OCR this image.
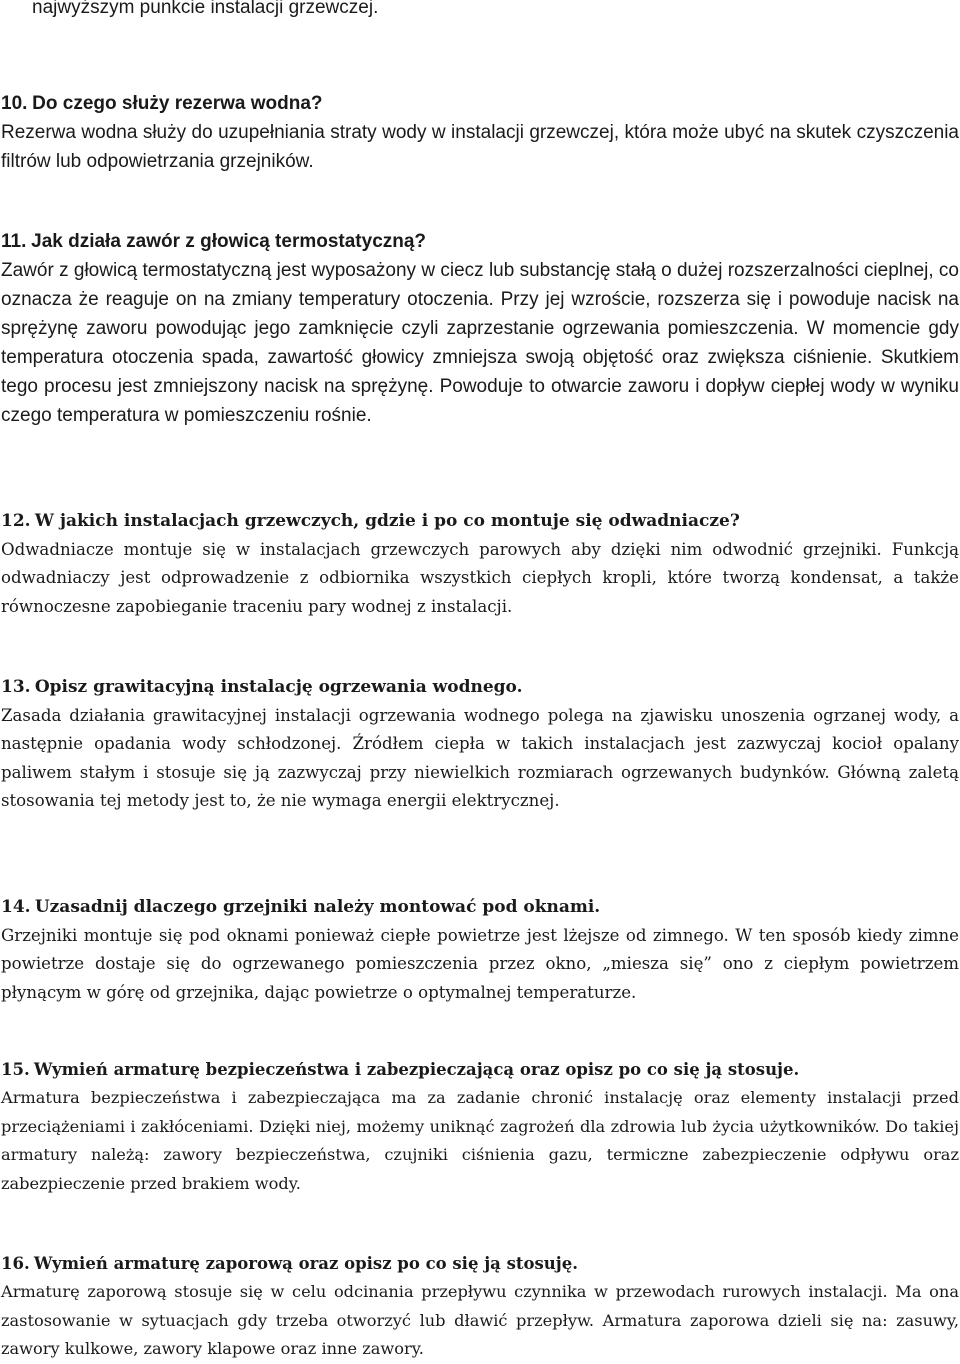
najwyższym punkcie instalacji grzewczej.

10. Do czego służy rezerwa wodna?

Rezerwa wodna służy do uzupełniania straty wody w instalacji grzewczej, która może ubyć na skutek czyszczenia filtrów lub odpowietrzania grzejników.

11. Jak działa zawór z głowicą termostatyczną?

Zawór z głowicą termostatyczną jest wyposażony w ciecz lub substancję stałą o dużej rozszerzalności cieplnej, co oznacza że reaguje on na zmiany temperatury otoczenia. Przy jej wzroście, rozszerza się i powoduje nacisk na sprężynę zaworu powodując jego zamknięcie czyli zaprzestanie ogrzewania pomieszczenia. W momencie gdy temperatura otoczenia spada, zawartość głowicy zmniejsza swoją objętość oraz zwiększa ciśnienie. Skutkiem tego procesu jest zmniejszony nacisk na sprężynę. Powoduje to otwarcie zaworu i dopływ ciepłej wody w wyniku czego temperatura w pomieszczeniu rośnie.

12. W jakich instalacjach grzewczych, gdzie i po co montuje się odwadniacze?

Odwadniacze montuje się w instalacjach grzewczych parowych aby dzięki nim odwodnić grzejniki. Funkcją odwadniaczy jest odprowadzenie z odbiornika wszystkich ciepłych kropli, które tworzą kondensat, a także równoczesne zapobieganie traceniu pary wodnej z instalacji.

13. Opisz grawitacyjną instalację ogrzewania wodnego.

Zasada działania grawitacyjnej instalacji ogrzewania wodnego polega na zjawisku unoszenia ogrzanej wody, a następnie opadania wody schłodzonej. Źródłem ciepła w takich instalacjach jest zazwyczaj kocioł opalany paliwem stałym i stosuje się ją zazwyczaj przy niewielkich rozmiarach ogrzewanych budynków. Główną zaletą stosowania tej metody jest to, że nie wymaga energii elektrycznej.

14. Uzasadnij dlaczego grzejniki należy montować pod oknami.

Grzejniki montuje się pod oknami ponieważ ciepłe powietrze jest lżejsze od zimnego. W ten sposób kiedy zimne powietrze dostaje się do ogrzewanego pomieszczenia przez okno, „miesza się” ono z ciepłym powietrzem płynącym w górę od grzejnika, dając powietrze o optymalnej temperaturze.

15. Wymień armaturę bezpieczeństwa i zabezpieczającą oraz opisz po co się ją stosuje.

Armatura bezpieczeństwa i zabezpieczająca ma za zadanie chronić instalację oraz elementy instalacji przed przeciążeniami i zakłóceniami. Dzięki niej, możemy uniknąć zagrożeń dla zdrowia lub życia użytkowników. Do takiej armatury należą: zawory bezpieczeństwa, czujniki ciśnienia gazu, termiczne zabezpieczenie odpływu oraz zabezpieczenie przed brakiem wody.

16. Wymień armaturę zaporową oraz opisz po co się ją stosuję.

Armaturę zaporową stosuje się w celu odcinania przepływu czynnika w przewodach rurowych instalacji. Ma ona zastosowanie w sytuacjach gdy trzeba otworzyć lub dławić przepływ. Armatura zaporowa dzieli się na: zasuwy, zawory kulkowe, zawory klapowe oraz inne zawory.
